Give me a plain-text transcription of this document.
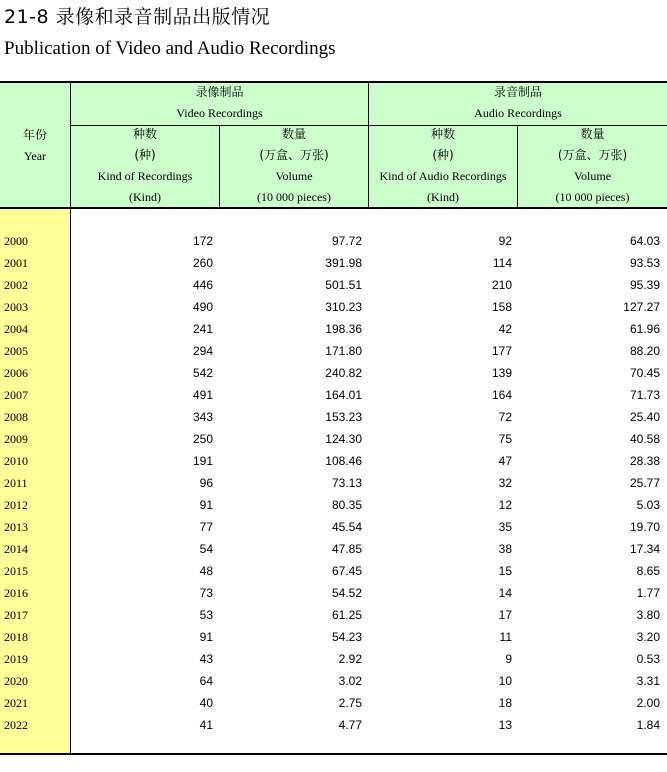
21-8 录像和录音制品出版情况
Publication of Video and Audio Recordings
年份
Year
录像制品
Video Recordings
录音制品
Audio Recordings
种数
(种)
Kind of Recordings
(Kind)
数量
(万盒、万张)
Volume
(10 000 pieces)
种数
(种)
Kind of Audio Recordings
(Kind)
数量
(万盒、万张)
Volume
(10 000 pieces)
2000	172	97.72	92	64.03
2001	260	391.98	114	93.53
2002	446	501.51	210	95.39
2003	490	310.23	158	127.27
2004	241	198.36	42	61.96
2005	294	171.80	177	88.20
2006	542	240.82	139	70.45
2007	491	164.01	164	71.73
2008	343	153.23	72	25.40
2009	250	124.30	75	40.58
2010	191	108.46	47	28.38
2011	96	73.13	32	25.77
2012	91	80.35	12	5.03
2013	77	45.54	35	19.70
2014	54	47.85	38	17.34
2015	48	67.45	15	8.65
2016	73	54.52	14	1.77
2017	53	61.25	17	3.80
2018	91	54.23	11	3.20
2019	43	2.92	9	0.53
2020	64	3.02	10	3.31
2021	40	2.75	18	2.00
2022	41	4.77	13	1.84
